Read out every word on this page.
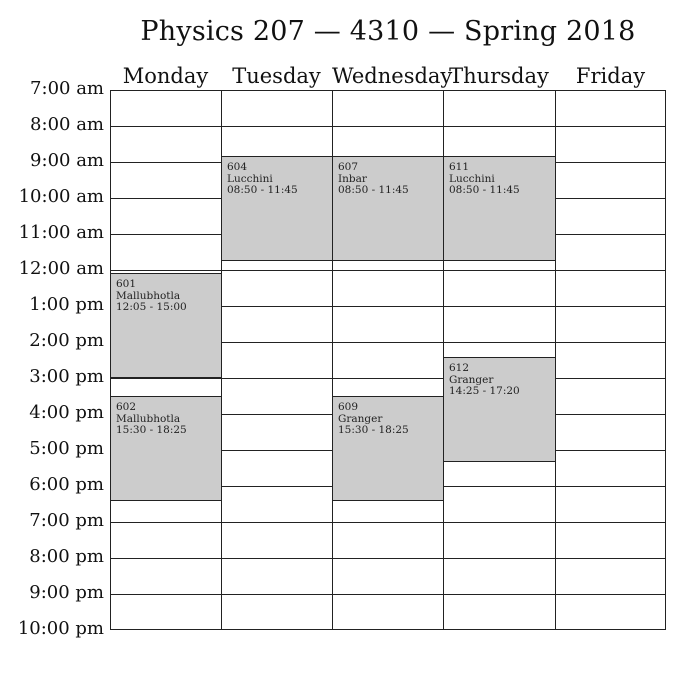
Physics 207 — 4310 — Spring 2018
Monday	Tuesday Wednesday
Thursday	Friday
7:00 am
8:00 am
9:00 am
10:00 am
11:00 am
12:00 am
1:00 pm
2:00 pm
3:00 pm
4:00 pm
5:00 pm
6:00 pm
7:00 pm
8:00 pm
9:00 pm
10:00 pm
604
Lucchini
08:50 - 11:45
607
Inbar
08:50 - 11:45
611
Lucchini
08:50 - 11:45
601
Mallubhotla
12:05 - 15:00
612
Granger
14:25 - 17:20
602
Mallubhotla
15:30 - 18:25
609
Granger
15:30 - 18:25
